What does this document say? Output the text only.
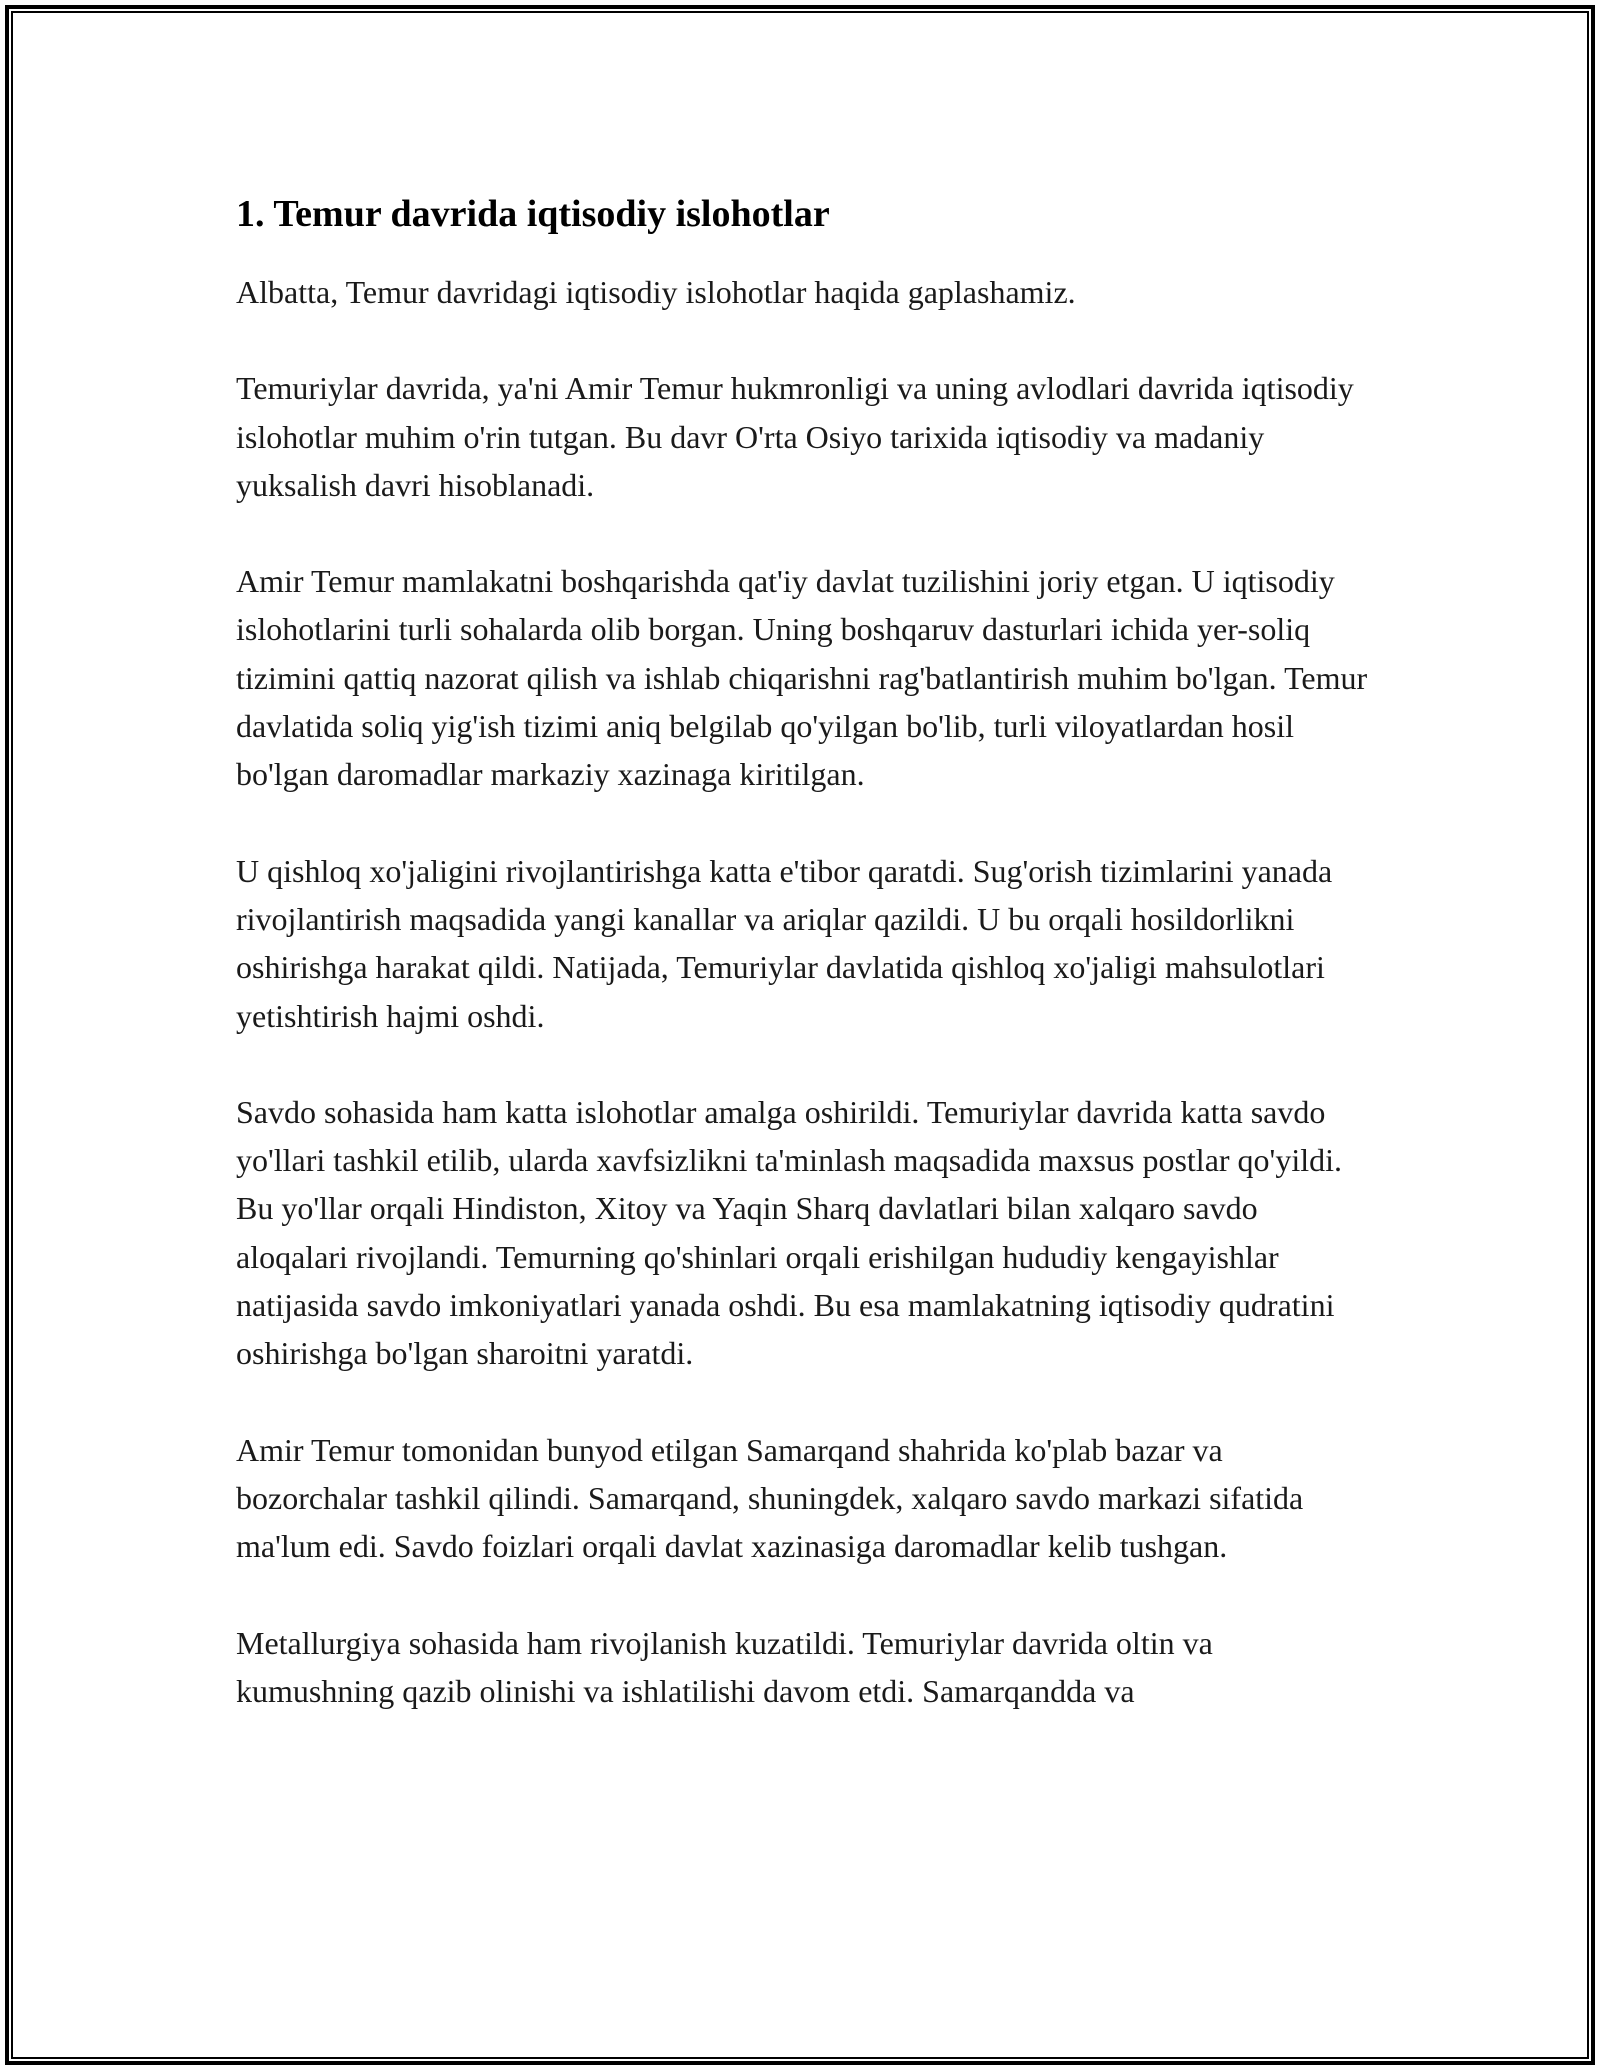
1. Temur davrida iqtisodiy islohotlar

Albatta, Temur davridagi iqtisodiy islohotlar haqida gaplashamiz.

Temuriylar davrida, ya'ni Amir Temur hukmronligi va uning avlodlari davrida iqtisodiy islohotlar muhim o'rin tutgan. Bu davr O'rta Osiyo tarixida iqtisodiy va madaniy yuksalish davri hisoblanadi.

Amir Temur mamlakatni boshqarishda qat'iy davlat tuzilishini joriy etgan. U iqtisodiy islohotlarini turli sohalarda olib borgan. Uning boshqaruv dasturlari ichida yer-soliq tizimini qattiq nazorat qilish va ishlab chiqarishni rag'batlantirish muhim bo'lgan. Temur davlatida soliq yig'ish tizimi aniq belgilab qo'yilgan bo'lib, turli viloyatlardan hosil bo'lgan daromadlar markaziy xazinaga kiritilgan.

U qishloq xo'jaligini rivojlantirishga katta e'tibor qaratdi. Sug'orish tizimlarini yanada rivojlantirish maqsadida yangi kanallar va ariqlar qazildi. U bu orqali hosildorlikni oshirishga harakat qildi. Natijada, Temuriylar davlatida qishloq xo'jaligi mahsulotlari yetishtirish hajmi oshdi.

Savdo sohasida ham katta islohotlar amalga oshirildi. Temuriylar davrida katta savdo yo'llari tashkil etilib, ularda xavfsizlikni ta'minlash maqsadida maxsus postlar qo'yildi. Bu yo'llar orqali Hindiston, Xitoy va Yaqin Sharq davlatlari bilan xalqaro savdo aloqalari rivojlandi. Temurning qo'shinlari orqali erishilgan hududiy kengayishlar natijasida savdo imkoniyatlari yanada oshdi. Bu esa mamlakatning iqtisodiy qudratini oshirishga bo'lgan sharoitni yaratdi.

Amir Temur tomonidan bunyod etilgan Samarqand shahrida ko'plab bazar va bozorchalar tashkil qilindi. Samarqand, shuningdek, xalqaro savdo markazi sifatida ma'lum edi. Savdo foizlari orqali davlat xazinasiga daromadlar kelib tushgan.

Metallurgiya sohasida ham rivojlanish kuzatildi. Temuriylar davrida oltin va kumushning qazib olinishi va ishlatilishi davom etdi. Samarqandda va
